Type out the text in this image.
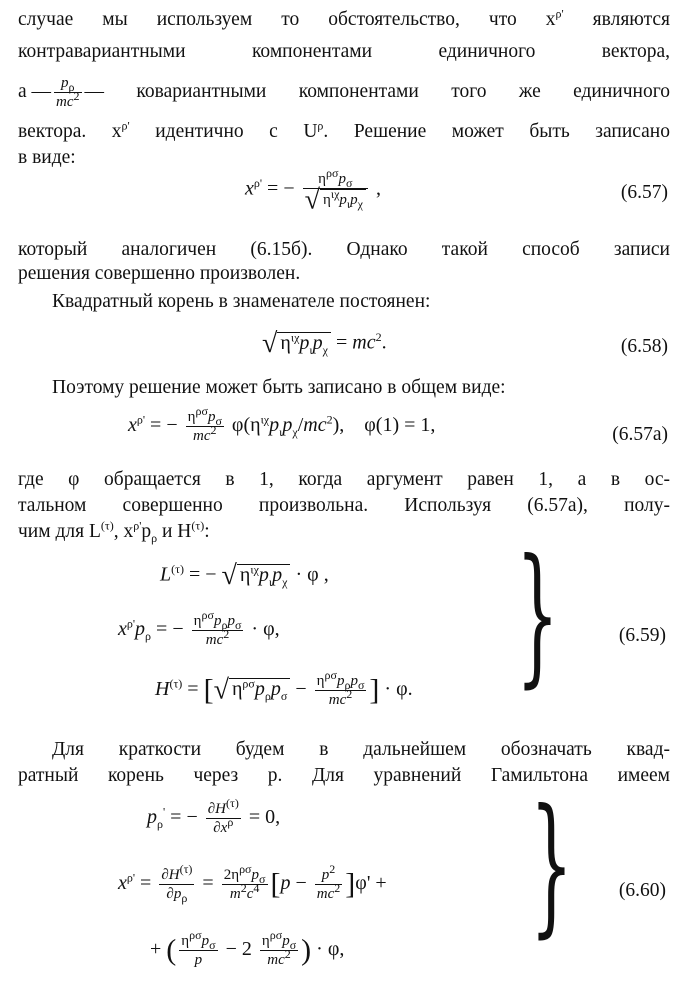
случае мы используем то обстоятельство, что $x^{\rho'}$ являются
контравариантными компонентами единичного вектора,
а — $\frac{p_\rho}{mc^2}$ — ковариантными компонентами того же единичного
вектора. $x^{\rho'}$ идентично с $U^\rho$. Решение может быть записано
в виде:
$x^{\rho'}$ = − $\frac{\eta^{\rho\sigma}p_\sigma}{√ \eta^{\iota\chi}p_\iota p_\chi}$ ,	(6.57)
который аналогичен (6.15б). Однако такой способ записи
решения совершенно произволен.
Квадратный корень в знаменателе постоянен:
√ $\eta^{\iota\chi}p_\iota p_\chi = mc^2$.	(6.58)
Поэтому решение может быть записано в общем виде:
$x^{\rho'}$ = − $\frac{\eta^{\rho\sigma}p_\sigma}{mc^2} \varphi(\eta^{\iota\chi}p_\iota p_\chi/mc^2)$,    φ(1) = 1,	(6.57а)
где φ обращается в 1, когда аргумент равен 1, а в ос-
тальном совершенно произвольна. Используя (6.57а), полу-
чим для $L^{(\tau)}$, $x^{\rho'}p_\rho$ и $H^{(\tau)}$:
$L^{(\tau)}$ = − √ $\eta^{\iota\chi}p_\iota p_\chi \cdot \varphi$ ,
$x^{\rho'}p_\rho$ = − $\frac{\eta^{\rho\sigma}p_\rho p_\sigma}{mc^2} \cdot \varphi$,
$H^{(\tau)}$ = [√ $\eta^{\rho\sigma}p_\rho p_\sigma - \frac{\eta^{\rho\sigma}p_\rho p_\sigma}{mc^2}$ ] · φ. }	(6.59)
Для краткости будем в дальнейшем обозначать квад-
ратный корень через p. Для уравнений Гамильтона имеем
$p_\rho'$ = − $\frac{\partial H^{(\tau)}}{\partial x^\rho} = 0$,
$x^{\rho'} = \frac{\partial H^{(\tau)}}{\partial p_\rho} = \frac{2\eta^{\rho\sigma}p_\sigma}{m^2c^4} [p - \frac{p^2}{mc^2} ]\varphi'$ +
+ ( $\frac{\eta^{\rho\sigma}p_\sigma}{p} - 2 \frac{\eta^{\rho\sigma}p_\sigma}{mc^2}$ ) · φ, } (6.60)
